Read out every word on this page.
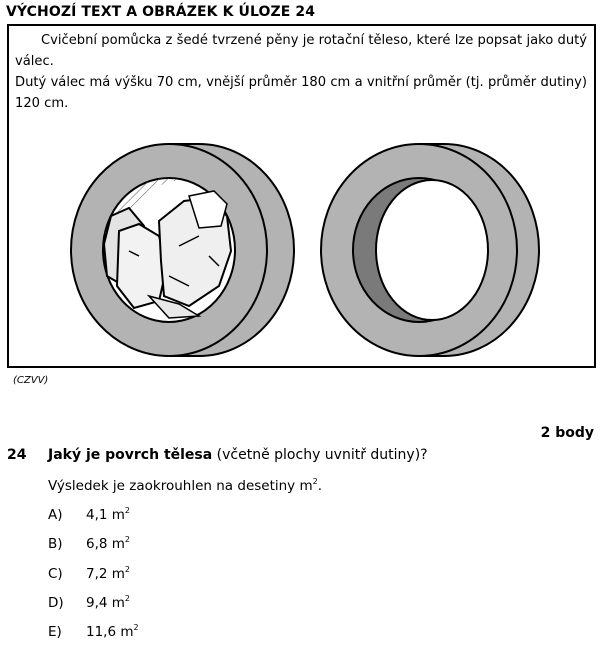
VÝCHOZÍ TEXT A OBRÁZEK K ÚLOZE 24

Cvičební pomůcka z šedé tvrzené pěny je rotační těleso, které lze popsat jako dutý válec.

Dutý válec má výšku 70 cm, vnější průměr 180 cm a vnitřní průměr (tj. průměr dutiny) 120 cm.

(CZVV)
2 body
24 Jaký je povrch tělesa (včetně plochy uvnitř dutiny)?
Výsledek je zaokrouhlen na desetiny $m^2$.
A) 4,1 $m^2$
B) 6,8 $m^2$
C) 7,2 $m^2$
D) 9,4 $m^2$
E) 11,6 $m^2$
